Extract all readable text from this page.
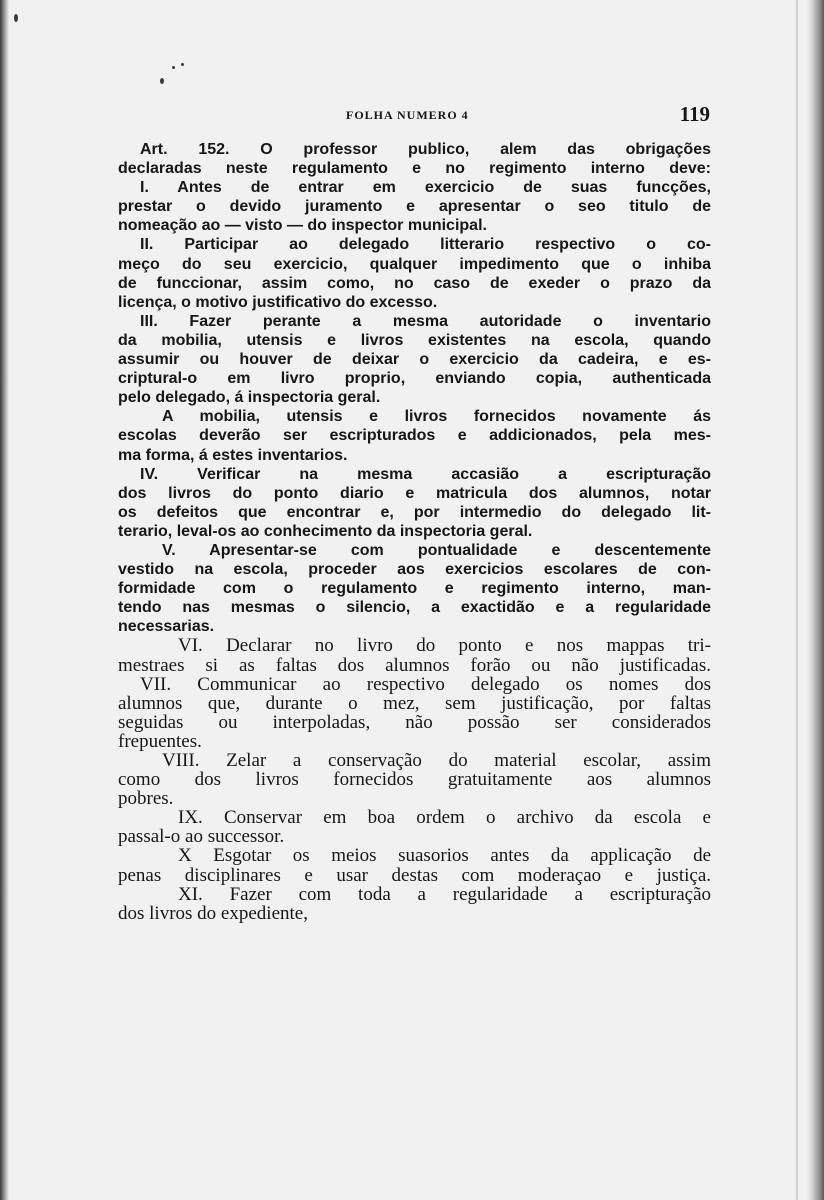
FOLHA NUMERO 4	119
Art. 152. O professor publico, alem das obrigações
declaradas neste regulamento e no regimento interno deve:
I. Antes de entrar em exercicio de suas funcções,
prestar o devido juramento e apresentar o seo titulo de
nomeação ao — visto — do inspector municipal.
II. Participar ao delegado litterario respectivo o co-
meço do seu exercicio, qualquer impedimento que o inhiba
de funccionar, assim como, no caso de exeder o prazo da
licença, o motivo justificativo do excesso.
III. Fazer perante a mesma autoridade o inventario
da mobilia, utensis e livros existentes na escola, quando
assumir ou houver de deixar o exercicio da cadeira, e es-
criptural-o em livro proprio, enviando copia, authenticada
pelo delegado, á inspectoria geral.
A mobilia, utensis e livros fornecidos novamente ás
escolas deverão ser escripturados e addicionados, pela mes-
ma forma, á estes inventarios.
IV. Verificar na mesma accasião a escripturação
dos livros do ponto diario e matricula dos alumnos, notar
os defeitos que encontrar e, por intermedio do delegado lit-
terario, leval-os ao conhecimento da inspectoria geral.
V. Apresentar-se com pontualidade e descentemente
vestido na escola, proceder aos exercicios escolares de con-
formidade com o regulamento e regimento interno, man-
tendo nas mesmas o silencio, a exactidão e a regularidade
necessarias.
VI. Declarar no livro do ponto e nos mappas tri-
mestraes si as faltas dos alumnos forão ou não justificadas.
VII. Communicar ao respectivo delegado os nomes dos
alumnos que, durante o mez, sem justificação, por faltas
seguidas ou interpoladas, não possão ser considerados
frepuentes.
VIII. Zelar a conservação do material escolar, assim
como dos livros fornecidos gratuitamente aos alumnos
pobres.
IX. Conservar em boa ordem o archivo da escola e
passal-o ao successor.
X Esgotar os meios suasorios antes da applicação de
penas disciplinares e usar destas com moderaçao e justiça.
XI. Fazer com toda a regularidade a escripturação
dos livros do expediente,
